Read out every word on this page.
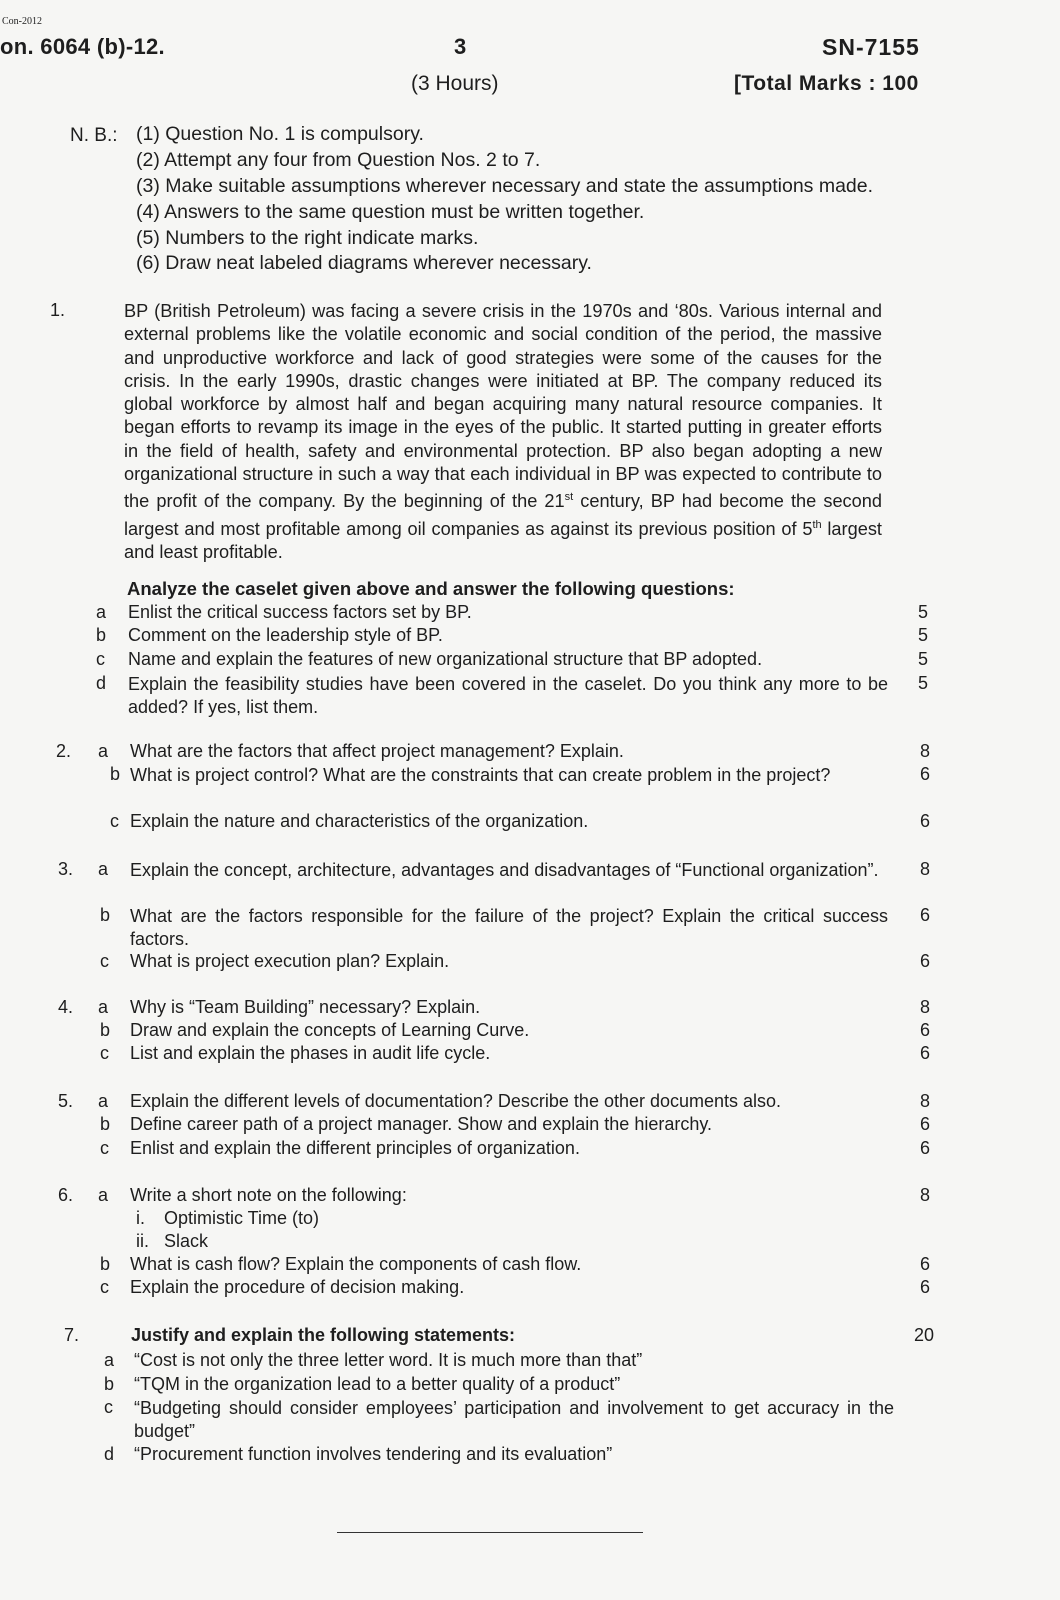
Con-2012
on. 6064 (b)-12.	3	SN-7155
(3 Hours)	[Total Marks : 100
N. B.: (1) Question No. 1 is compulsory.
(2) Attempt any four from Question Nos. 2 to 7.
(3) Make suitable assumptions wherever necessary and state the assumptions made.
(4) Answers to the same question must be written together.
(5) Numbers to the right indicate marks.
(6) Draw neat labeled diagrams wherever necessary.
1.	BP (British Petroleum) was facing a severe crisis in the 1970s and ‘80s. Various internal and external problems like the volatile economic and social condition of the period, the massive and unproductive workforce and lack of good strategies were some of the causes for the crisis. In the early 1990s, drastic changes were initiated at BP. The company reduced its global workforce by almost half and began acquiring many natural resource companies. It began efforts to revamp its image in the eyes of the public. It started putting in greater efforts in the field of health, safety and environmental protection. BP also began adopting a new organizational structure in such a way that each individual in BP was expected to contribute to the profit of the company. By the beginning of the 21st century, BP had become the second largest and most profitable among oil companies as against its previous position of 5th largest and least profitable.

Analyze the caselet given above and answer the following questions:
a Enlist the critical success factors set by BP.	5
b Comment on the leadership style of BP.	5
c Name and explain the features of new organizational structure that BP adopted.	5
d Explain the feasibility studies have been covered in the caselet. Do you think any more to be added? If yes, list them.
5
2. a What are the factors that affect project management? Explain.	8
b What is project control? What are the constraints that can create problem in the project?	6
c Explain the nature and characteristics of the organization.	6
3. a Explain the concept, architecture, advantages and disadvantages of “Functional organization”.	8
b What are the factors responsible for the failure of the project? Explain the critical success factors.
6
c What is project execution plan? Explain.	6
4. a Why is “Team Building” necessary? Explain.	8
b Draw and explain the concepts of Learning Curve.	6
c List and explain the phases in audit life cycle.	6
5. a Explain the different levels of documentation? Describe the other documents also.	8
b Define career path of a project manager. Show and explain the hierarchy.	6
c Enlist and explain the different principles of organization.	6
6. a Write a short note on the following:	8
i. Optimistic Time (to)
ii. Slack
b What is cash flow? Explain the components of cash flow.	6
c Explain the procedure of decision making.	6
7.	Justify and explain the following statements:	20
a “Cost is not only the three letter word. It is much more than that”
b “TQM in the organization lead to a better quality of a product”
c “Budgeting should consider employees’ participation and involvement to get accuracy in the budget”
d “Procurement function involves tendering and its evaluation”
